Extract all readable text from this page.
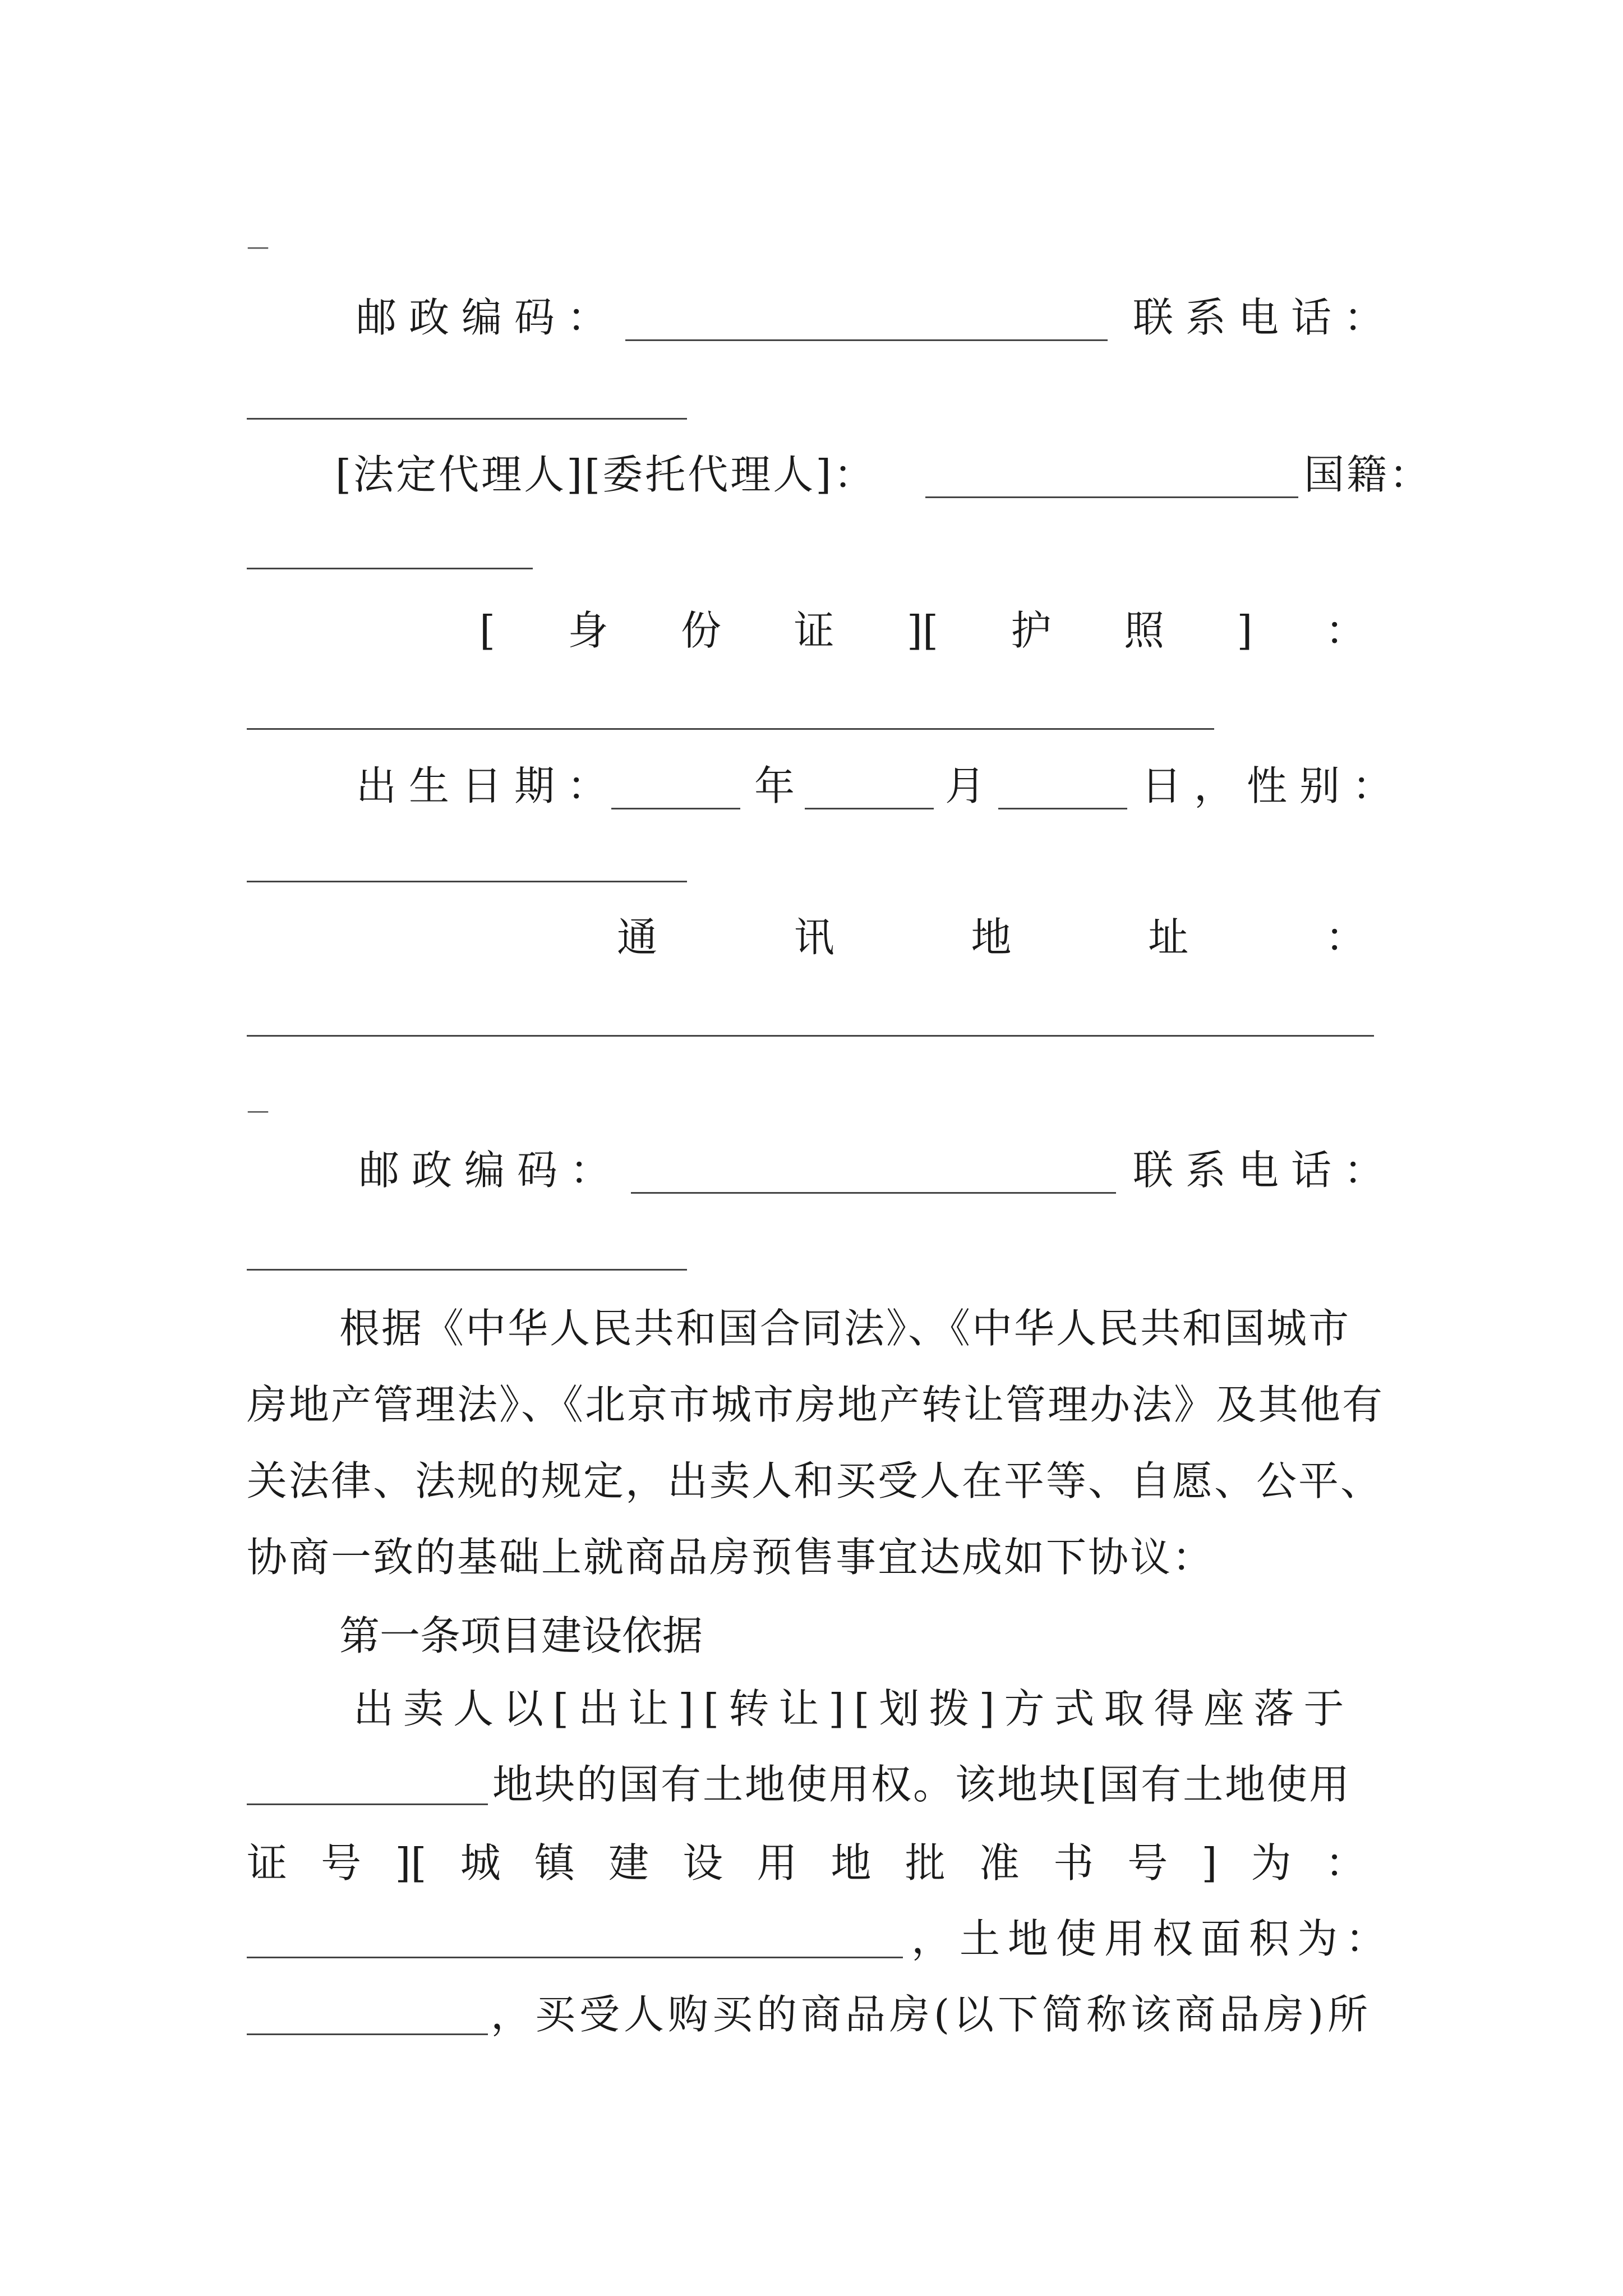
—
邮政编码：	联系电话：
[法定代理人][委托代理人]：	国籍：
[ 身 份 证 ][ 护 照 ] ：
出生日期：	年	月	日，性别：
通	讯	地	址	：
—
邮政编码：	联系电话：
根据《中华人民共和国合同法》、《中华人民共和国城市房地产管理法》、《北京市城市房地产转让管理办法》及其他有关法律、法规的规定，出卖人和买受人在平等、自愿、公平、协商一致的基础上就商品房预售事宜达成如下协议：
第一条项目建设依据
出卖人以[出让][转让][划拨]方式取得座落于
地块的国有土地使用权。该地块[国有土地使用
证 号 ][ 城 镇 建 设 用 地 批 准 书 号 ] 为 ：
，土地使用权面积为：
，买受人购买的商品房(以下简称该商品房)所
